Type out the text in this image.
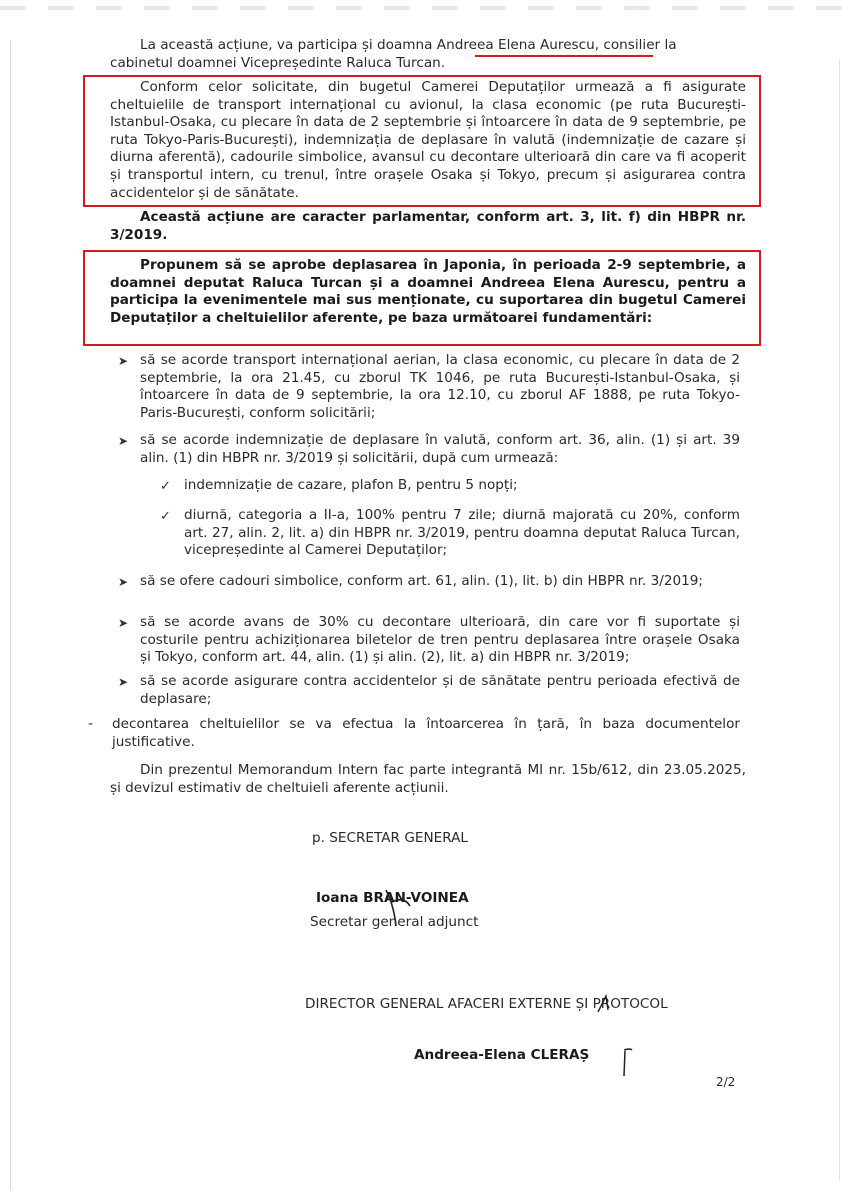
La această acțiune, va participa și doamna Andreea Elena Aurescu, consilier la

cabinetul doamnei Vicepreședinte Raluca Turcan.

Conform celor solicitate, din bugetul Camerei Deputaților urmează a fi asigurate cheltuielile de transport internațional cu avionul, la clasa economic (pe ruta București-Istanbul-Osaka, cu plecare în data de 2 septembrie și întoarcere în data de 9 septembrie, pe ruta Tokyo-Paris-București), indemnizația de deplasare în valută (indemnizație de cazare și diurna aferentă), cadourile simbolice, avansul cu decontare ulterioară din care va fi acoperit și transportul intern, cu trenul, între orașele Osaka și Tokyo, precum și asigurarea contra accidentelor și de sănătate.

Această acțiune are caracter parlamentar, conform art. 3, lit. f) din HBPR nr. 3/2019.

Propunem să se aprobe deplasarea în Japonia, în perioada 2-9 septembrie, a doamnei deputat Raluca Turcan și a doamnei Andreea Elena Aurescu, pentru a participa la evenimentele mai sus menționate, cu suportarea din bugetul Camerei Deputaților a cheltuielilor aferente, pe baza următoarei fundamentări:

➤ să se acorde transport internațional aerian, la clasa economic, cu plecare în data de 2 septembrie, la ora 21.45, cu zborul TK 1046, pe ruta București-Istanbul-Osaka, și întoarcere în data de 9 septembrie, la ora 12.10, cu zborul AF 1888, pe ruta Tokyo-Paris-București, conform solicitării;

➤ să se acorde indemnizație de deplasare în valută, conform art. 36, alin. (1) și art. 39 alin. (1) din HBPR nr. 3/2019 și solicitării, după cum urmează:

✓ indemnizație de cazare, plafon B, pentru 5 nopți;

✓ diurnă, categoria a II-a, 100% pentru 7 zile; diurnă majorată cu 20%, conform art. 27, alin. 2, lit. a) din HBPR nr. 3/2019, pentru doamna deputat Raluca Turcan, vicepreședinte al Camerei Deputaților;

➤ să se ofere cadouri simbolice, conform art. 61, alin. (1), lit. b) din HBPR nr. 3/2019;

➤ să se acorde avans de 30% cu decontare ulterioară, din care vor fi suportate și costurile pentru achiziționarea biletelor de tren pentru deplasarea între orașele Osaka și Tokyo, conform art. 44, alin. (1) și alin. (2), lit. a) din HBPR nr. 3/2019;

➤ să se acorde asigurare contra accidentelor și de sănătate pentru perioada efectivă de deplasare;

- decontarea cheltuielilor se va efectua la întoarcerea în țară, în baza documentelor justificative.

Din prezentul Memorandum Intern fac parte integrantă MI nr. 15b/612, din 23.05.2025, și devizul estimativ de cheltuieli aferente acțiunii.

p. SECRETAR GENERAL

Ioana BRAN-VOINEA

Secretar general adjunct

DIRECTOR GENERAL AFACERI EXTERNE ȘI PROTOCOL

Andreea-Elena CLERAȘ

2/2
